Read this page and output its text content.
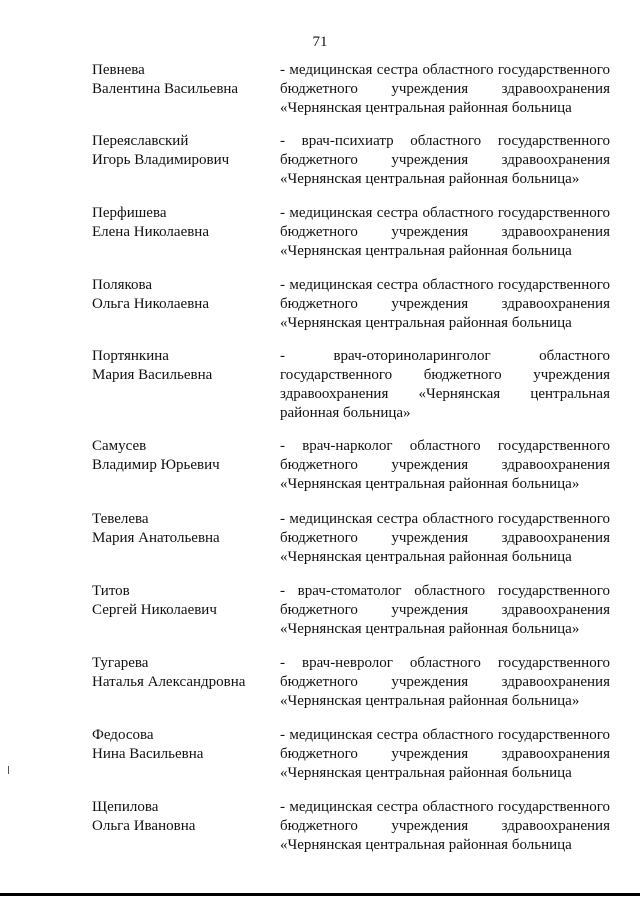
71
Певнева
Валентина Васильевна
- медицинская сестра областного государственного
бюджетного учреждения здравоохранения
«Чернянская центральная районная больница
Переяславский
Игорь Владимирович
- врач-психиатр областного государственного
бюджетного учреждения здравоохранения
«Чернянская центральная районная больница»
Перфишева
Елена Николаевна
- медицинская сестра областного государственного
бюджетного учреждения здравоохранения
«Чернянская центральная районная больница
Полякова
Ольга Николаевна
- медицинская сестра областного государственного
бюджетного учреждения здравоохранения
«Чернянская центральная районная больница
Портянкина
Мария Васильевна
- врач-оториноларинголог областного
государственного бюджетного учреждения
здравоохранения «Чернянская центральная
районная больница»
Самусев
Владимир Юрьевич
- врач-нарколог областного государственного
бюджетного учреждения здравоохранения
«Чернянская центральная районная больница»
Тевелева
Мария Анатольевна
- медицинская сестра областного государственного
бюджетного учреждения здравоохранения
«Чернянская центральная районная больница
Титов
Сергей Николаевич
- врач-стоматолог областного государственного
бюджетного учреждения здравоохранения
«Чернянская центральная районная больница»
Тугарева
Наталья Александровна
- врач-невролог областного государственного
бюджетного учреждения здравоохранения
«Чернянская центральная районная больница»
Федосова
Нина Васильевна
- медицинская сестра областного государственного
бюджетного учреждения здравоохранения
«Чернянская центральная районная больница
Щепилова
Ольга Ивановна
- медицинская сестра областного государственного
бюджетного учреждения здравоохранения
«Чернянская центральная районная больница
